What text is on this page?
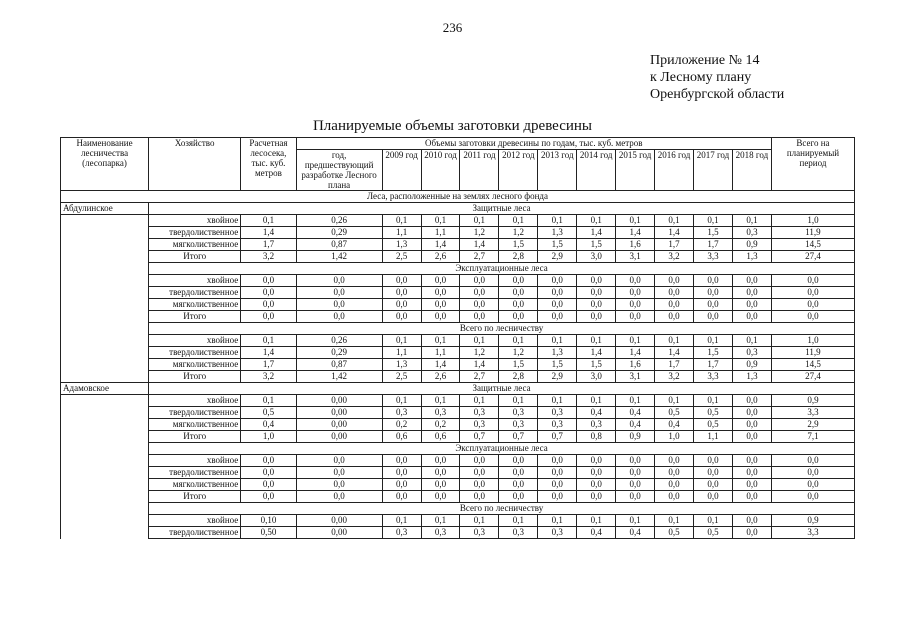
236
Приложение № 14
к Лесному плану
Оренбургской области
Планируемые объемы заготовки древесины
Наименование лесничества (лесопарка)	Хозяйство	Расчетная лесосека, тыс. куб. метров	Объемы заготовки древесины по годам, тыс. куб. метров											Всего на планируемый период
			год, предшествующий разработке Лесного плана	2009 год	2010 год	2011 год	2012 год	2013 год	2014 год	2015 год	2016 год	2017 год	2018 год	
Леса, расположенные на землях лесного фонда														
Абдулинское	Защитные леса													
	хвойное	0,1	0,26	0,1	0,1	0,1	0,1	0,1	0,1	0,1	0,1	0,1	0,1	1,0
	твердолиственное	1,4	0,29	1,1	1,1	1,2	1,2	1,3	1,4	1,4	1,4	1,5	0,3	11,9
	мягколиственное	1,7	0,87	1,3	1,4	1,4	1,5	1,5	1,5	1,6	1,7	1,7	0,9	14,5
	Итого	3,2	1,42	2,5	2,6	2,7	2,8	2,9	3,0	3,1	3,2	3,3	1,3	27,4
	Эксплуатационные леса													
	хвойное	0,0	0,0	0,0	0,0	0,0	0,0	0,0	0,0	0,0	0,0	0,0	0,0	0,0
	твердолиственное	0,0	0,0	0,0	0,0	0,0	0,0	0,0	0,0	0,0	0,0	0,0	0,0	0,0
	мягколиственное	0,0	0,0	0,0	0,0	0,0	0,0	0,0	0,0	0,0	0,0	0,0	0,0	0,0
	Итого	0,0	0,0	0,0	0,0	0,0	0,0	0,0	0,0	0,0	0,0	0,0	0,0	0,0
	Всего по лесничеству													
	хвойное	0,1	0,26	0,1	0,1	0,1	0,1	0,1	0,1	0,1	0,1	0,1	0,1	1,0
	твердолиственное	1,4	0,29	1,1	1,1	1,2	1,2	1,3	1,4	1,4	1,4	1,5	0,3	11,9
	мягколиственное	1,7	0,87	1,3	1,4	1,4	1,5	1,5	1,5	1,6	1,7	1,7	0,9	14,5
	Итого	3,2	1,42	2,5	2,6	2,7	2,8	2,9	3,0	3,1	3,2	3,3	1,3	27,4
Адамовское	Защитные леса													
	хвойное	0,1	0,00	0,1	0,1	0,1	0,1	0,1	0,1	0,1	0,1	0,1	0,0	0,9
	твердолиственное	0,5	0,00	0,3	0,3	0,3	0,3	0,3	0,4	0,4	0,5	0,5	0,0	3,3
	мягколиственное	0,4	0,00	0,2	0,2	0,3	0,3	0,3	0,3	0,4	0,4	0,5	0,0	2,9
	Итого	1,0	0,00	0,6	0,6	0,7	0,7	0,7	0,8	0,9	1,0	1,1	0,0	7,1
	Эксплуатационные леса													
	хвойное	0,0	0,0	0,0	0,0	0,0	0,0	0,0	0,0	0,0	0,0	0,0	0,0	0,0
	твердолиственное	0,0	0,0	0,0	0,0	0,0	0,0	0,0	0,0	0,0	0,0	0,0	0,0	0,0
	мягколиственное	0,0	0,0	0,0	0,0	0,0	0,0	0,0	0,0	0,0	0,0	0,0	0,0	0,0
	Итого	0,0	0,0	0,0	0,0	0,0	0,0	0,0	0,0	0,0	0,0	0,0	0,0	0,0
	Всего по лесничеству													
	хвойное	0,10	0,00	0,1	0,1	0,1	0,1	0,1	0,1	0,1	0,1	0,1	0,0	0,9
	твердолиственное	0,50	0,00	0,3	0,3	0,3	0,3	0,3	0,4	0,4	0,5	0,5	0,0	3,3
